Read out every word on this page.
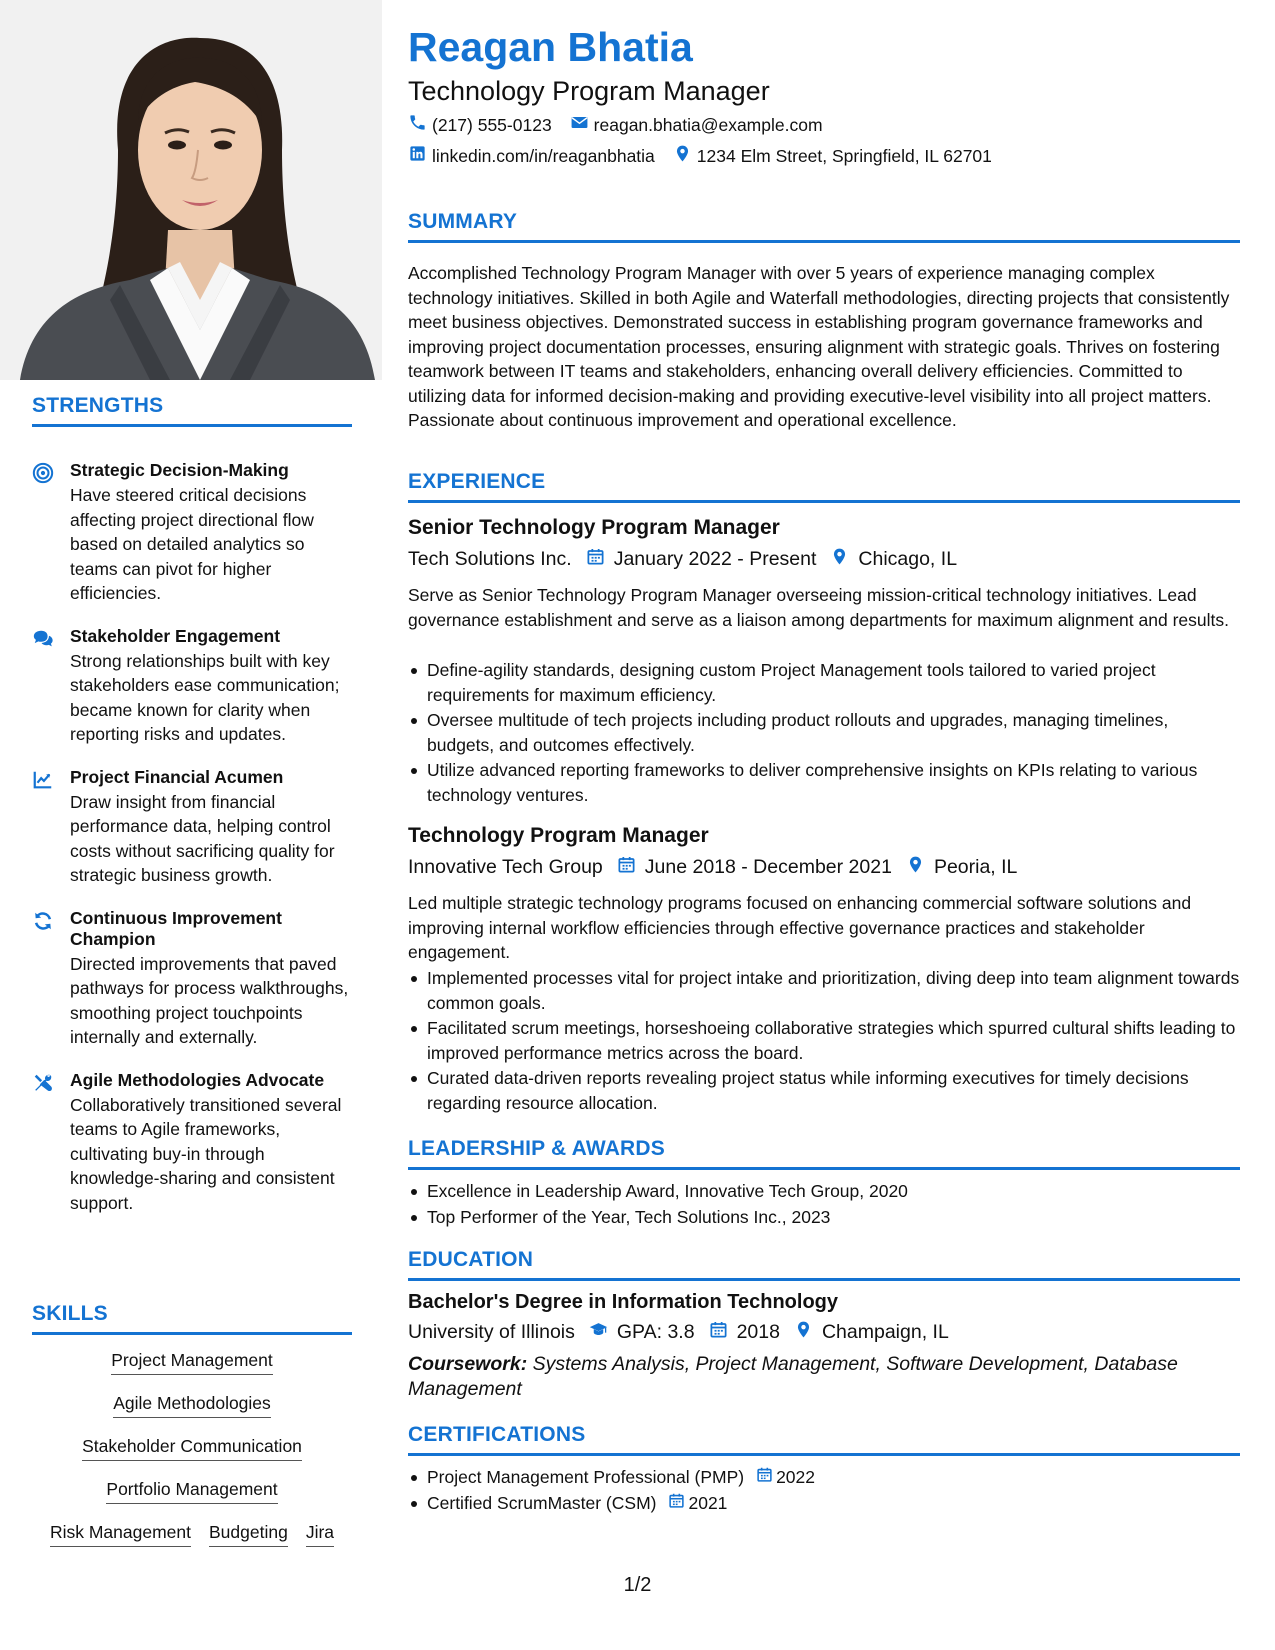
STRENGTHS
Strategic Decision-Making
Have steered critical decisions affecting project directional flow based on detailed analytics so teams can pivot for higher efficiencies.
Stakeholder Engagement
Strong relationships built with key stakeholders ease communication; became known for clarity when reporting risks and updates.
Project Financial Acumen
Draw insight from financial performance data, helping control costs without sacrificing quality for strategic business growth.
Continuous Improvement Champion
Directed improvements that paved pathways for process walkthroughs, smoothing project touchpoints internally and externally.
Agile Methodologies Advocate
Collaboratively transitioned several teams to Agile frameworks, cultivating buy-in through knowledge-sharing and consistent support.
SKILLS
Project Management
Agile Methodologies
Stakeholder Communication
Portfolio Management
Risk Management Budgeting Jira
Reagan Bhatia
Technology Program Manager
(217) 555-0123 reagan.bhatia@example.com
linkedin.com/in/reaganbhatia 1234 Elm Street, Springfield, IL 62701
SUMMARY
Accomplished Technology Program Manager with over 5 years of experience managing complex technology initiatives. Skilled in both Agile and Waterfall methodologies, directing projects that consistently meet business objectives. Demonstrated success in establishing program governance frameworks and improving project documentation processes, ensuring alignment with strategic goals. Thrives on fostering teamwork between IT teams and stakeholders, enhancing overall delivery efficiencies. Committed to utilizing data for informed decision-making and providing executive-level visibility into all project matters. Passionate about continuous improvement and operational excellence.
EXPERIENCE
Senior Technology Program Manager
Tech Solutions Inc. January 2022 - Present Chicago, IL
Serve as Senior Technology Program Manager overseeing mission-critical technology initiatives. Lead governance establishment and serve as a liaison among departments for maximum alignment and results.
Define-agility standards, designing custom Project Management tools tailored to varied project requirements for maximum efficiency.
Oversee multitude of tech projects including product rollouts and upgrades, managing timelines, budgets, and outcomes effectively.
Utilize advanced reporting frameworks to deliver comprehensive insights on KPIs relating to various technology ventures.
Technology Program Manager
Innovative Tech Group June 2018 - December 2021 Peoria, IL
Led multiple strategic technology programs focused on enhancing commercial software solutions and improving internal workflow efficiencies through effective governance practices and stakeholder engagement.
Implemented processes vital for project intake and prioritization, diving deep into team alignment towards common goals.
Facilitated scrum meetings, horseshoeing collaborative strategies which spurred cultural shifts leading to improved performance metrics across the board.
Curated data-driven reports revealing project status while informing executives for timely decisions regarding resource allocation.
LEADERSHIP & AWARDS
Excellence in Leadership Award, Innovative Tech Group, 2020
Top Performer of the Year, Tech Solutions Inc., 2023
EDUCATION
Bachelor's Degree in Information Technology
University of Illinois GPA: 3.8 2018 Champaign, IL
Coursework: Systems Analysis, Project Management, Software Development, Database Management
CERTIFICATIONS
Project Management Professional (PMP) 2022
Certified ScrumMaster (CSM) 2021
1/2
